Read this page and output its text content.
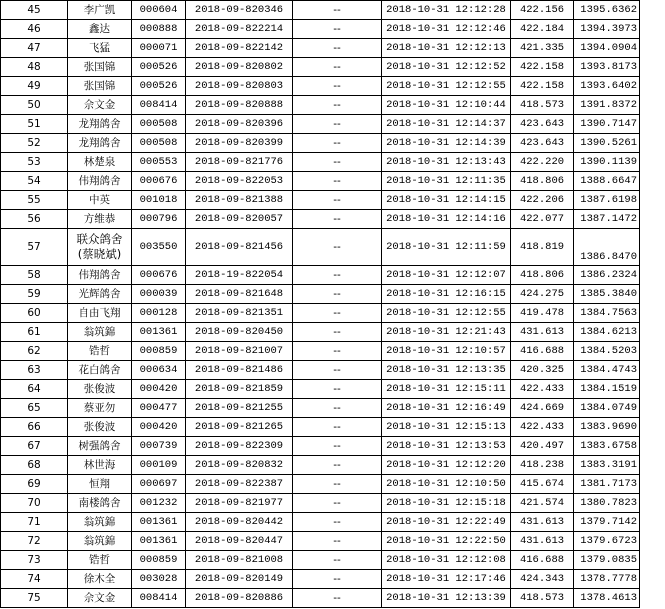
45	李广凯	000604	2018-09-820346	--	2018-10-31 12:12:28	422.156	1395.6362
46	鑫达	000888	2018-09-822214	--	2018-10-31 12:12:46	422.184	1394.3973
47	飞猛	000071	2018-09-822142	--	2018-10-31 12:12:13	421.335	1394.0904
48	张国锦	000526	2018-09-820802	--	2018-10-31 12:12:52	422.158	1393.8173
49	张国锦	000526	2018-09-820803	--	2018-10-31 12:12:55	422.158	1393.6402
50	佘文金	008414	2018-09-820888	--	2018-10-31 12:10:44	418.573	1391.8372
51	龙翔鸽舍	000508	2018-09-820396	--	2018-10-31 12:14:37	423.643	1390.7147
52	龙翔鸽舍	000508	2018-09-820399	--	2018-10-31 12:14:39	423.643	1390.5261
53	林楚泉	000553	2018-09-821776	--	2018-10-31 12:13:43	422.220	1390.1139
54	伟翔鸽舍	000676	2018-09-822053	--	2018-10-31 12:11:35	418.806	1388.6647
55	中英	001018	2018-09-821388	--	2018-10-31 12:14:15	422.206	1387.6198
56	方维恭	000796	2018-09-820057	--	2018-10-31 12:14:16	422.077	1387.1472
57	联众鸽舍(蔡晓斌)	003550	2018-09-821456	--	2018-10-31 12:11:59	418.819	1386.8470
58	伟翔鸽舍	000676	2018-19-822054	--	2018-10-31 12:12:07	418.806	1386.2324
59	光辉鸽舍	000039	2018-09-821648	--	2018-10-31 12:16:15	424.275	1385.3840
60	自由飞翔	000128	2018-09-821351	--	2018-10-31 12:12:55	419.478	1384.7563
61	翁筑錦	001361	2018-09-820450	--	2018-10-31 12:21:43	431.613	1384.6213
62	锆哲	000859	2018-09-821007	--	2018-10-31 12:10:57	416.688	1384.5203
63	花白鸽舍	000634	2018-09-821486	--	2018-10-31 12:13:35	420.325	1384.4743
64	张俊波	000420	2018-09-821859	--	2018-10-31 12:15:11	422.433	1384.1519
65	蔡亚勿	000477	2018-09-821255	--	2018-10-31 12:16:49	424.669	1384.0749
66	张俊波	000420	2018-09-821265	--	2018-10-31 12:15:13	422.433	1383.9690
67	树强鸽舍	000739	2018-09-822309	--	2018-10-31 12:13:53	420.497	1383.6758
68	林世海	000109	2018-09-820832	--	2018-10-31 12:12:20	418.238	1383.3191
69	恒翔	000697	2018-09-822387	--	2018-10-31 12:10:50	415.674	1381.7173
70	南楼鸽舍	001232	2018-09-821977	--	2018-10-31 12:15:18	421.574	1380.7823
71	翁筑錦	001361	2018-09-820442	--	2018-10-31 12:22:49	431.613	1379.7142
72	翁筑錦	001361	2018-09-820447	--	2018-10-31 12:22:50	431.613	1379.6723
73	锆哲	000859	2018-09-821008	--	2018-10-31 12:12:08	416.688	1379.0835
74	徐木全	003028	2018-09-820149	--	2018-10-31 12:17:46	424.343	1378.7778
75	佘文金	008414	2018-09-820886	--	2018-10-31 12:13:39	418.573	1378.4613
